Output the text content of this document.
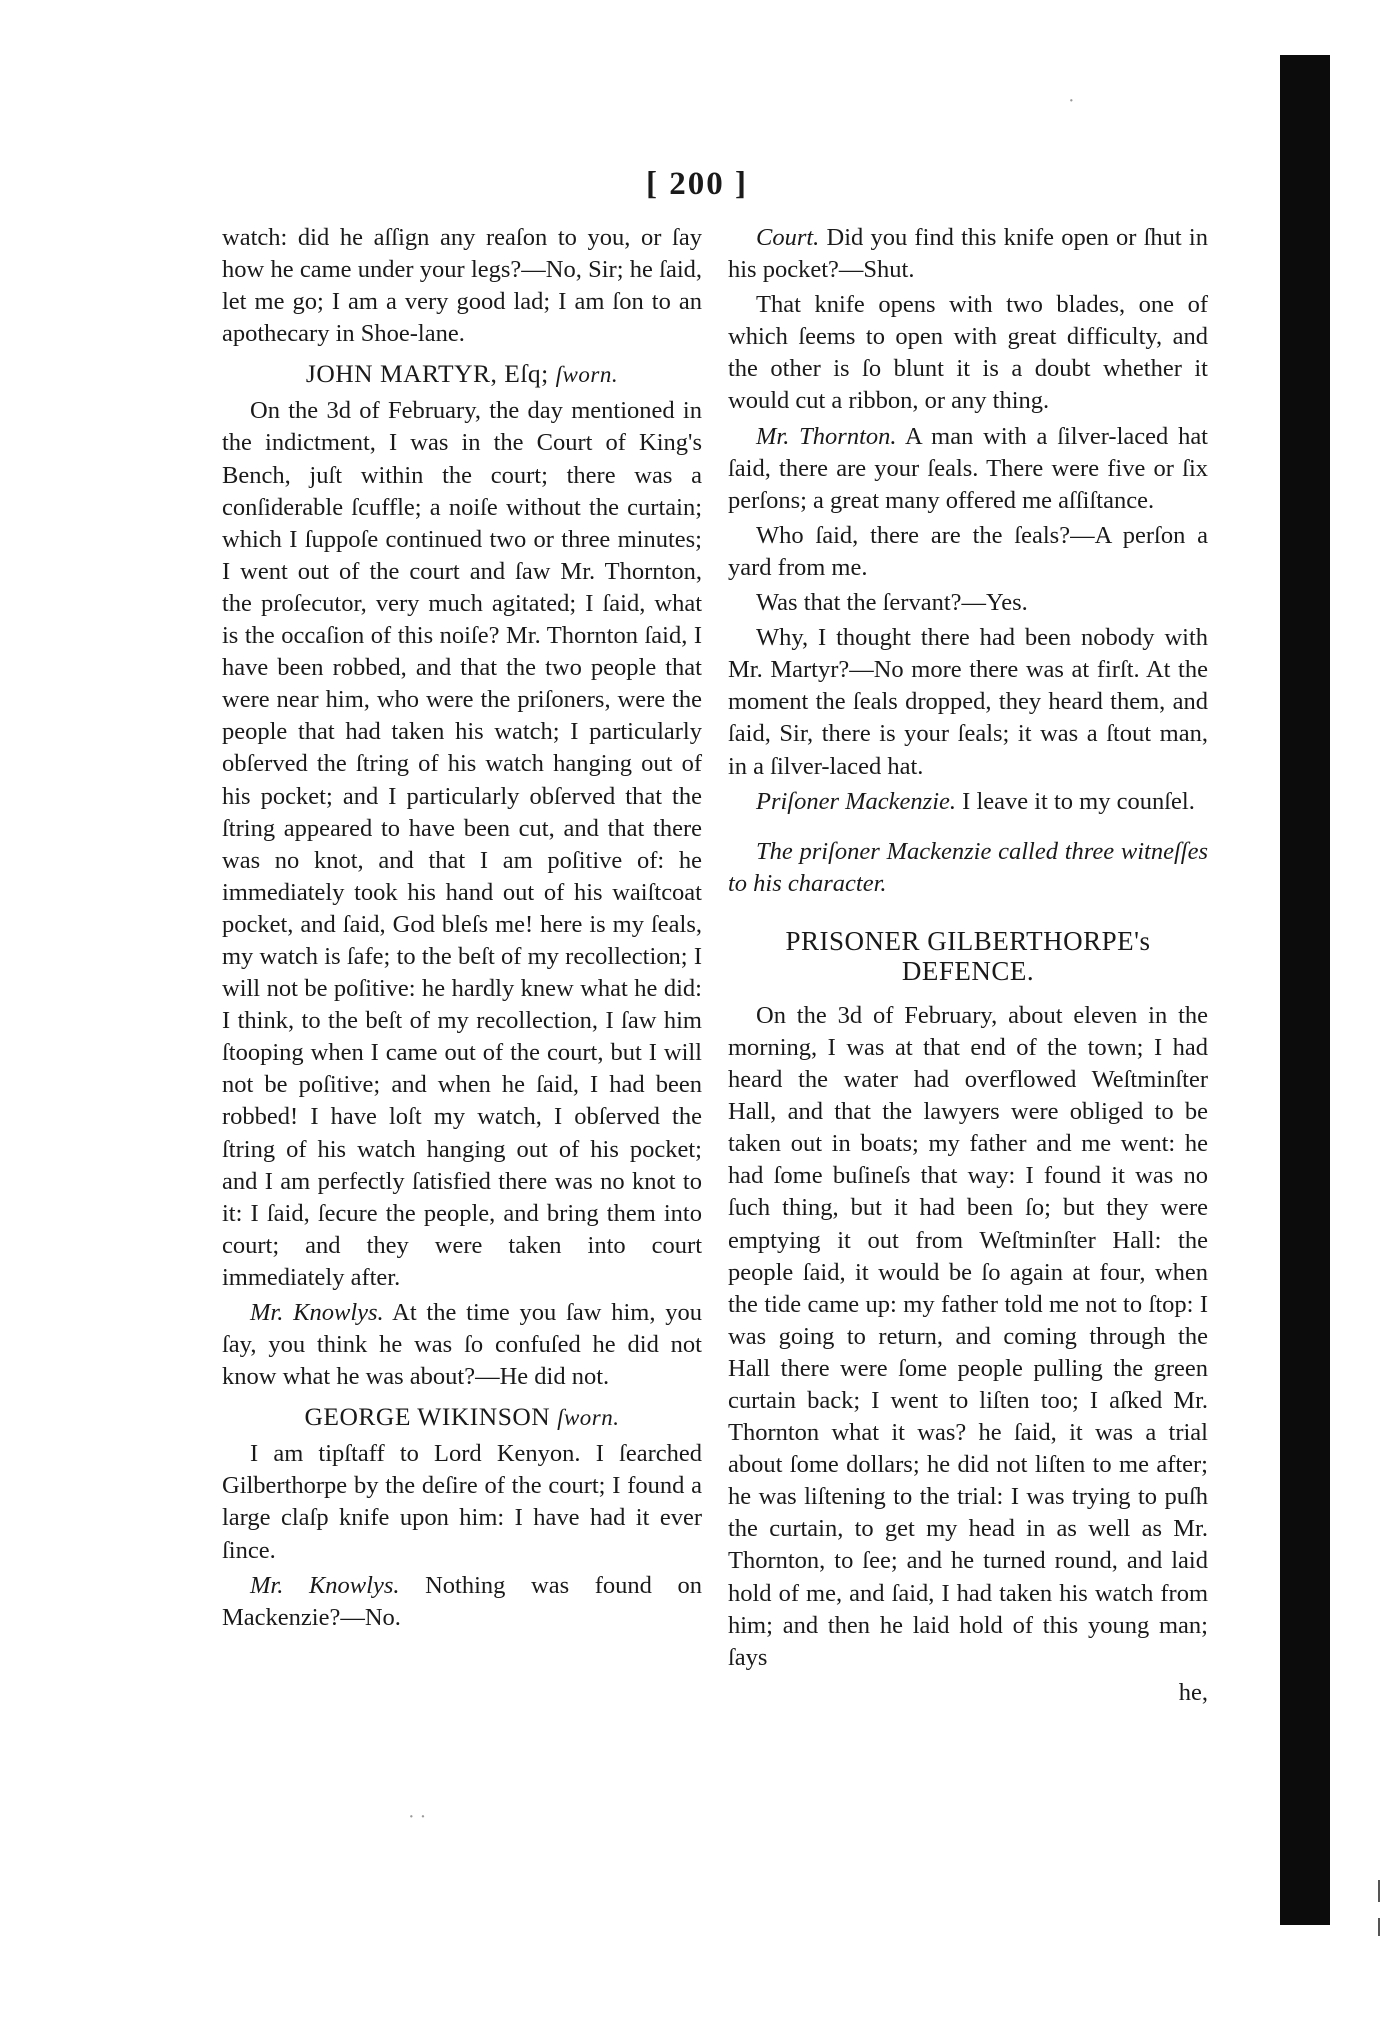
·
· ·
[ 200 ]

watch: did he aſſign any reaſon to you, or ſay how he came under your legs?—No, Sir; he ſaid, let me go; I am a very good lad; I am ſon to an apothecary in Shoe-lane.

JOHN MARTYR, Eſq; ſworn.

On the 3d of February, the day mentioned in the indictment, I was in the Court of King's Bench, juſt within the court; there was a conſiderable ſcuffle; a noiſe without the curtain; which I ſuppoſe continued two or three minutes; I went out of the court and ſaw Mr. Thornton, the proſecutor, very much agitated; I ſaid, what is the occaſion of this noiſe? Mr. Thornton ſaid, I have been robbed, and that the two people that were near him, who were the priſoners, were the people that had taken his watch; I particularly obſerved the ſtring of his watch hanging out of his pocket; and I particularly obſerved that the ſtring appeared to have been cut, and that there was no knot, and that I am poſitive of: he immediately took his hand out of his waiſtcoat pocket, and ſaid, God bleſs me! here is my ſeals, my watch is ſafe; to the beſt of my recollection; I will not be poſitive: he hardly knew what he did: I think, to the beſt of my recollection, I ſaw him ſtooping when I came out of the court, but I will not be poſitive; and when he ſaid, I had been robbed! I have loſt my watch, I obſerved the ſtring of his watch hanging out of his pocket; and I am perfectly ſatisfied there was no knot to it: I ſaid, ſecure the people, and bring them into court; and they were taken into court immediately after.

Mr. Knowlys. At the time you ſaw him, you ſay, you think he was ſo confuſed he did not know what he was about?—He did not.

GEORGE WIKINSON ſworn.

I am tipſtaff to Lord Kenyon. I ſearched Gilberthorpe by the deſire of the court; I found a large claſp knife upon him: I have had it ever ſince.

Mr. Knowlys. Nothing was found on Mackenzie?—No.

Court. Did you find this knife open or ſhut in his pocket?—Shut.

That knife opens with two blades, one of which ſeems to open with great difficulty, and the other is ſo blunt it is a doubt whether it would cut a ribbon, or any thing.

Mr. Thornton. A man with a ſilver-laced hat ſaid, there are your ſeals. There were five or ſix perſons; a great many offered me aſſiſtance.

Who ſaid, there are the ſeals?—A perſon a yard from me.

Was that the ſervant?—Yes.

Why, I thought there had been nobody with Mr. Martyr?—No more there was at firſt. At the moment the ſeals dropped, they heard them, and ſaid, Sir, there is your ſeals; it was a ſtout man, in a ſilver-laced hat.

Priſoner Mackenzie. I leave it to my counſel.

The priſoner Mackenzie called three witneſſes to his character.

PRISONER GILBERTHORPE's DEFENCE.

On the 3d of February, about eleven in the morning, I was at that end of the town; I had heard the water had overflowed Weſtminſter Hall, and that the lawyers were obliged to be taken out in boats; my father and me went: he had ſome buſineſs that way: I found it was no ſuch thing, but it had been ſo; but they were emptying it out from Weſtminſter Hall: the people ſaid, it would be ſo again at four, when the tide came up: my father told me not to ſtop: I was going to return, and coming through the Hall there were ſome people pulling the green curtain back; I went to liſten too; I aſked Mr. Thornton what it was? he ſaid, it was a trial about ſome dollars; he did not liſten to me after; he was liſtening to the trial: I was trying to puſh the curtain, to get my head in as well as Mr. Thornton, to ſee; and he turned round, and laid hold of me, and ſaid, I had taken his watch from him; and then he laid hold of this young man; ſays

he,
